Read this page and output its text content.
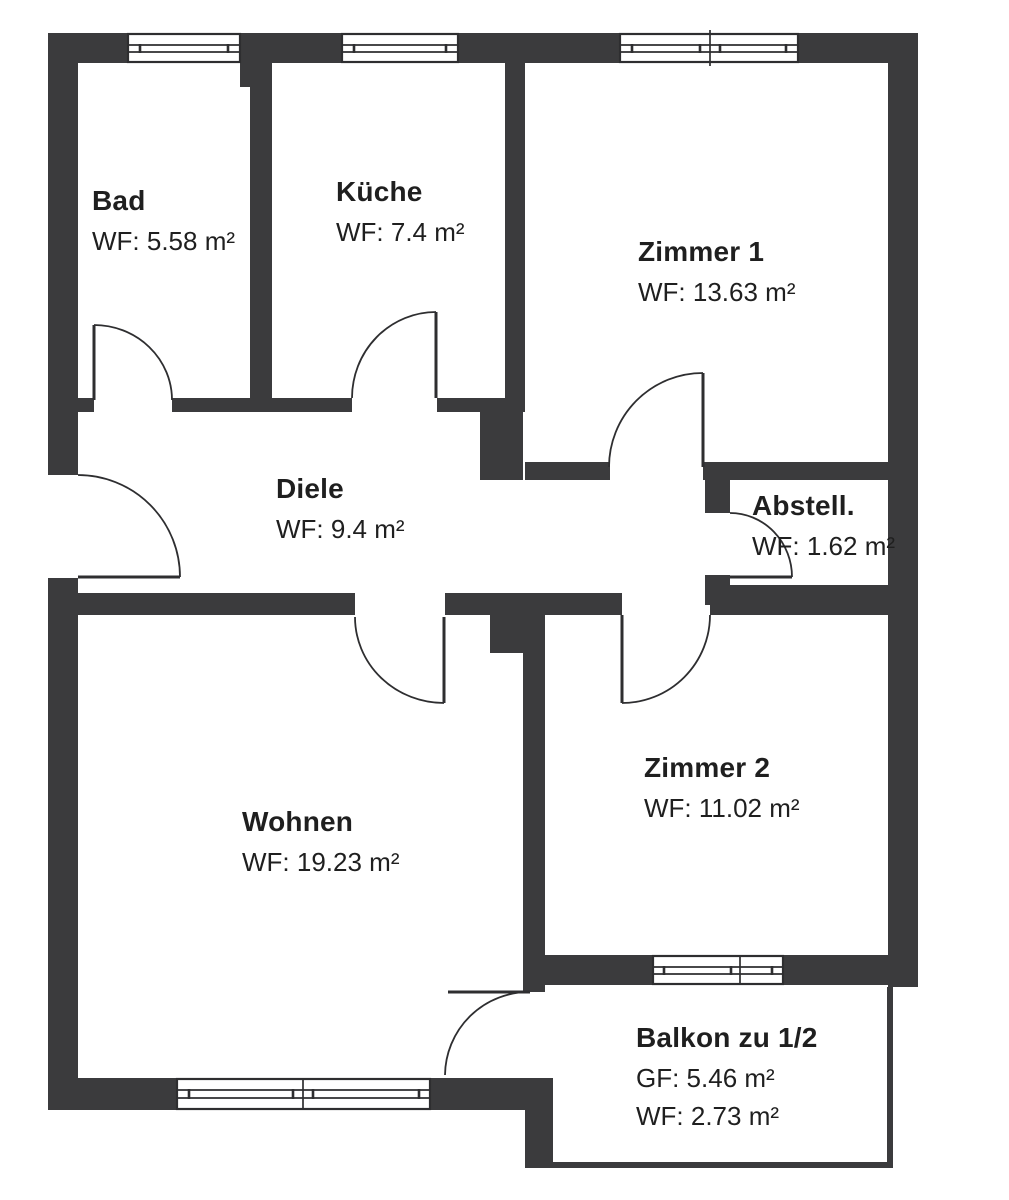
Bad
WF: 5.58 m²
Küche
WF: 7.4 m²
Zimmer 1
WF: 13.63 m²
Diele
WF: 9.4 m²
Abstell.
WF: 1.62 m²
Wohnen
WF: 19.23 m²
Zimmer 2
WF: 11.02 m²
Balkon zu 1/2
GF: 5.46 m²
WF: 2.73 m²
